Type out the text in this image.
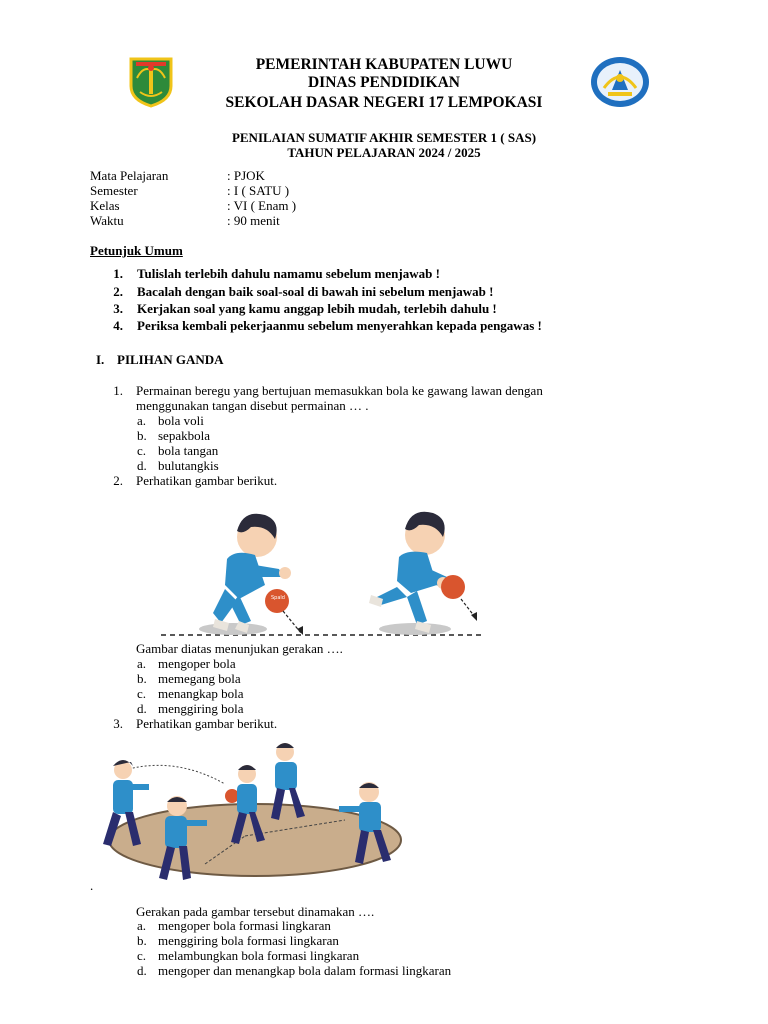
PEMERINTAH KABUPATEN LUWU
DINAS PENDIDIKAN
SEKOLAH DASAR NEGERI 17 LEMPOKASI
PENILAIAN SUMATIF AKHIR SEMESTER 1 ( SAS)
TAHUN PELAJARAN 2024 / 2025
Mata Pelajaran	: PJOK
Semester	: I ( SATU )
Kelas	: VI ( Enam )
Waktu	: 90 menit
Petunjuk Umum
1. Tulislah terlebih dahulu namamu sebelum menjawab !
2. Bacalah dengan baik soal-soal di bawah ini sebelum menjawab !
3. Kerjakan soal yang kamu anggap lebih mudah, terlebih dahulu !
4. Periksa kembali pekerjaanmu sebelum menyerahkan kepada pengawas !
I. PILIHAN GANDA
1. Permainan beregu yang bertujuan memasukkan bola ke gawang lawan dengan
menggunakan tangan disebut permainan … .
a. bola voli
b. sepakbola
c. bola tangan
d. bulutangkis
2. Perhatikan gambar berikut.
Spald
Gambar diatas menunjukan gerakan ….
a. mengoper bola
b. memegang bola
c. menangkap bola
d. menggiring bola
3. Perhatikan gambar berikut.
.
Gerakan pada gambar tersebut dinamakan ….
a. mengoper bola formasi lingkaran
b. menggiring bola formasi lingkaran
c. melambungkan bola formasi lingkaran
d. mengoper dan menangkap bola dalam formasi lingkaran
